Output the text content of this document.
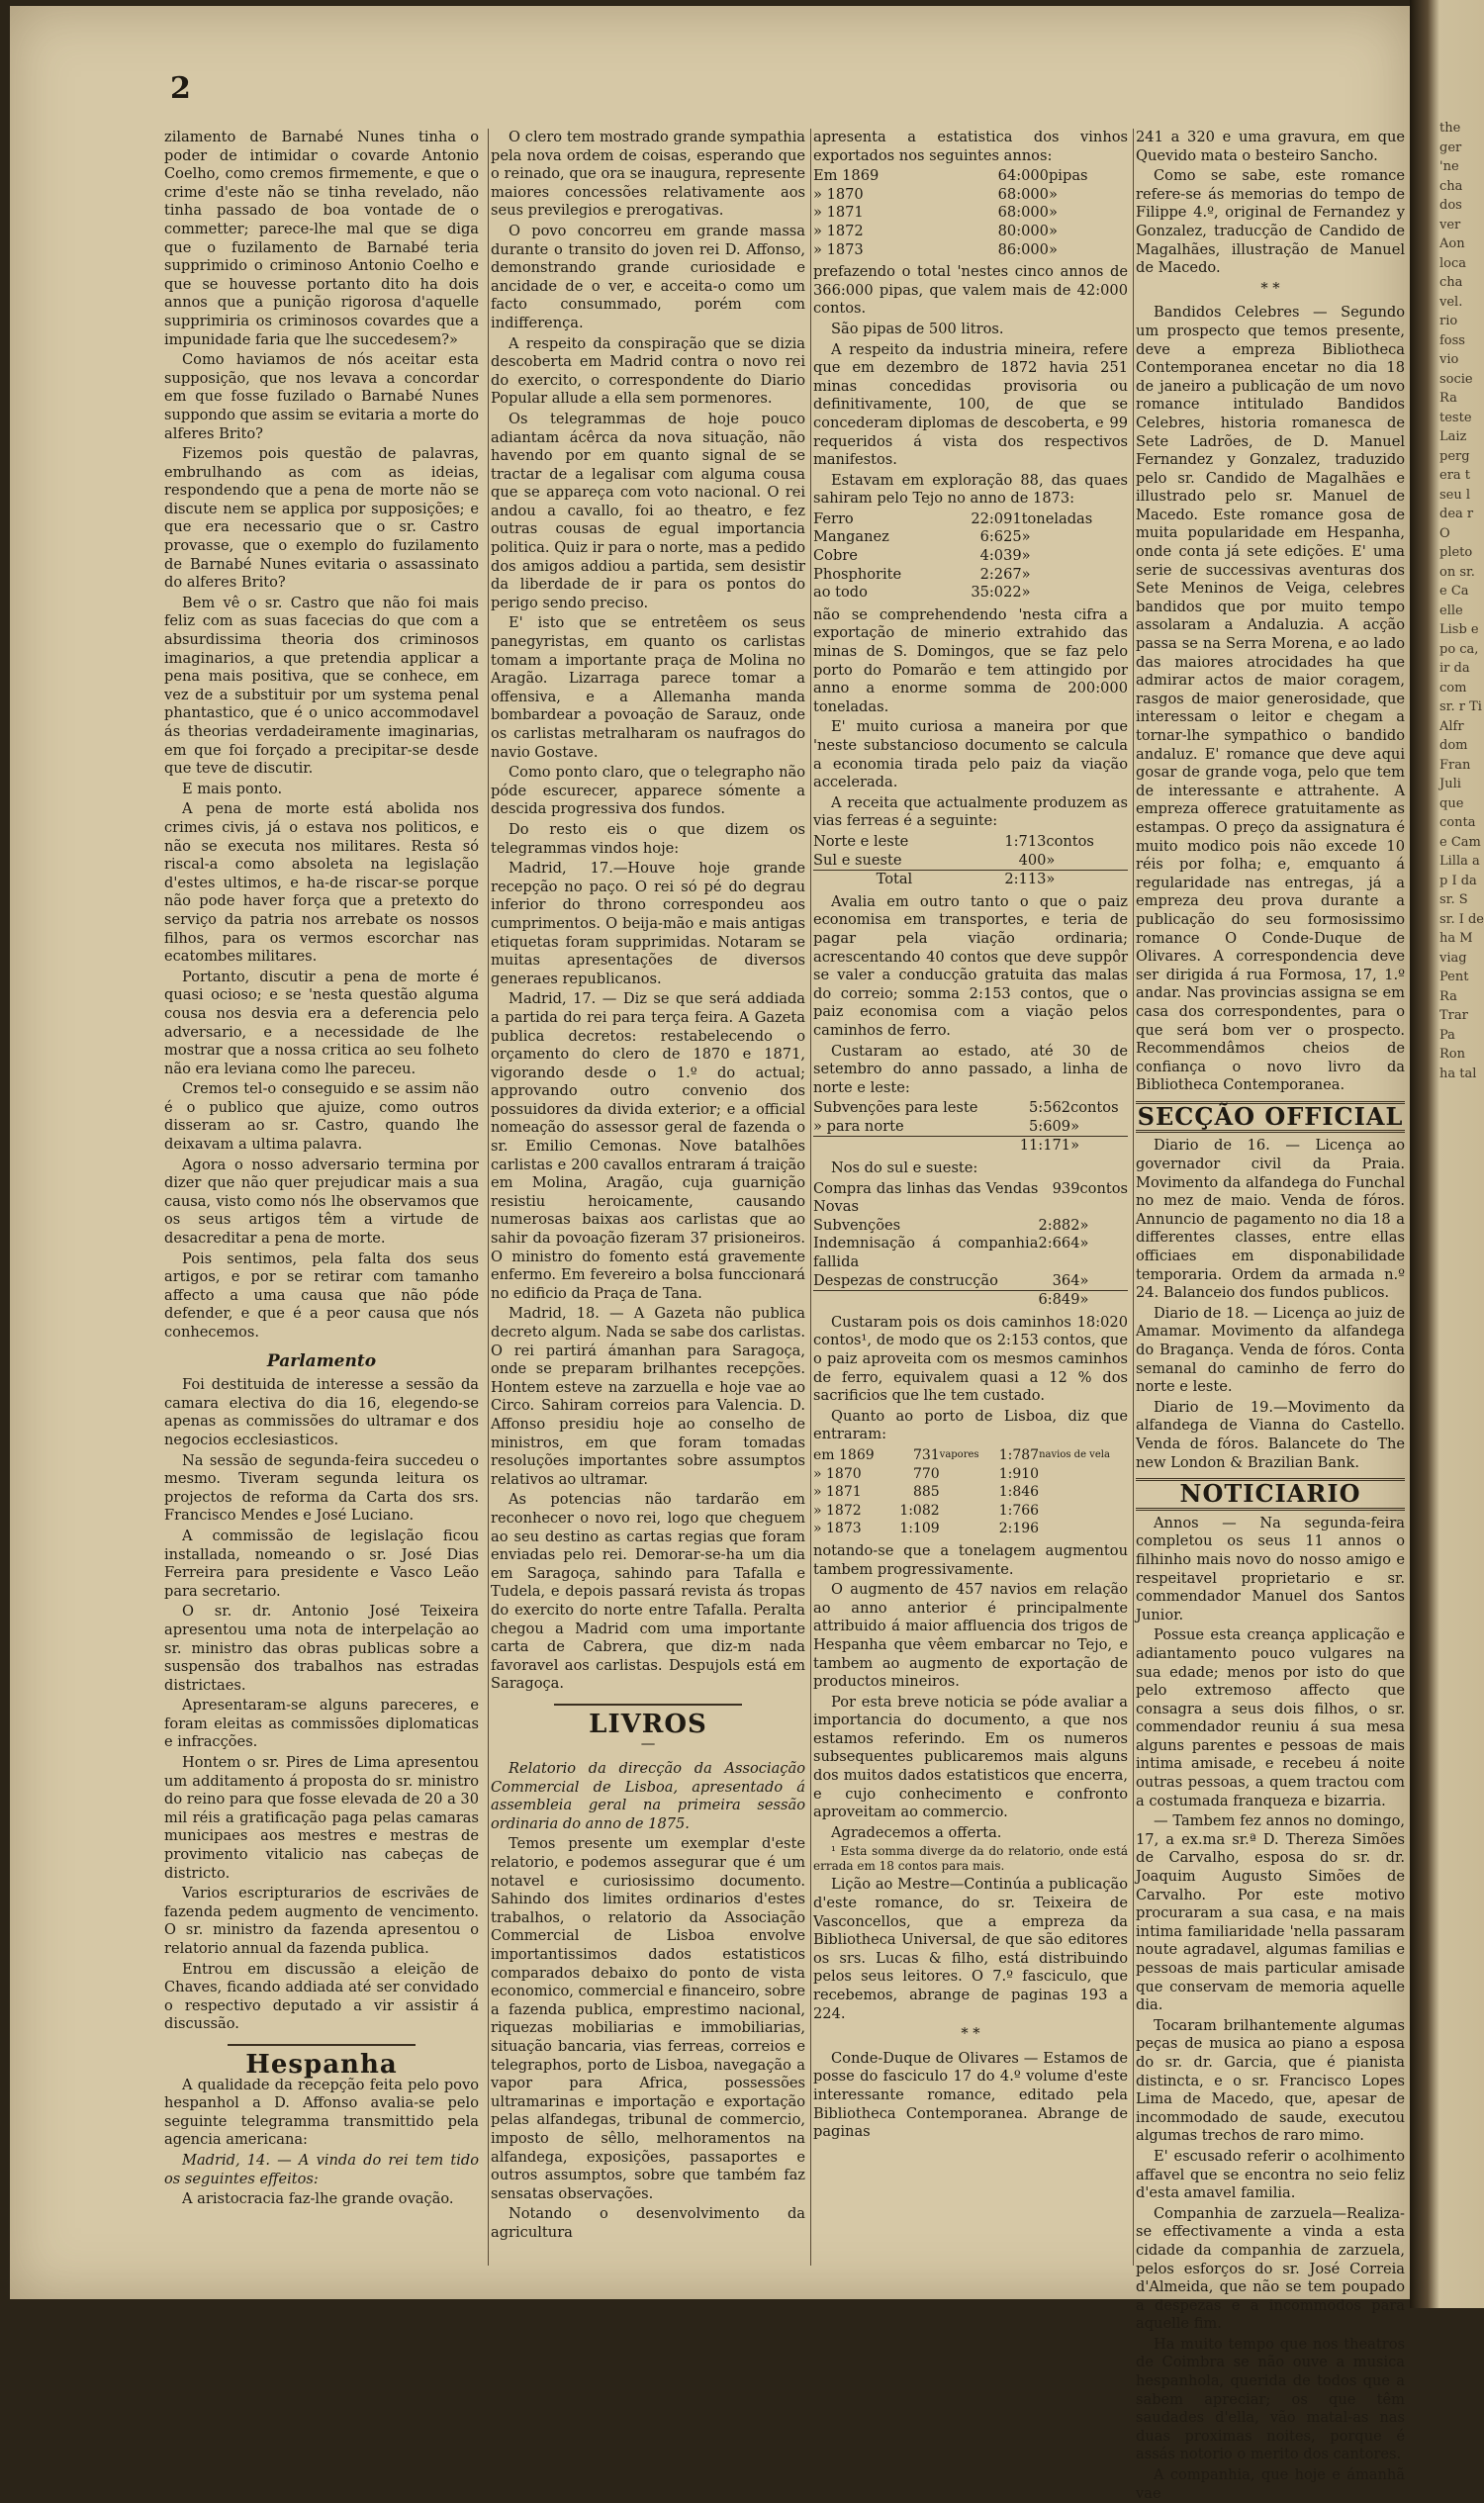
the ger 'ne cha dos ver Aon loca cha vel. rio foss vio socie Ra teste Laiz perg era t seu l dea r O pleto on sr. e Ca elle Lisb e po ca, ir da com sr. r Ti Alfr dom Fran Juli que conta e Cam Lilla a p I da sr. S sr. I de ha M viag Pent Ra Trar Pa Ron ha tal
2

zilamento de Barnabé Nunes tinha o poder de intimidar o covarde Antonio Coelho, como cremos firmemente, e que o crime d'este não se tinha revelado, não tinha passado de boa vontade de o commetter; parece-lhe mal que se diga que o fuzilamento de Barnabé teria supprimido o criminoso Antonio Coelho e que se houvesse portanto dito ha dois annos que a punição rigorosa d'aquelle supprimiria os criminosos covardes que a impunidade faria que lhe succedesem?»

Como haviamos de nós aceitar esta supposição, que nos levava a concordar em que fosse fuzilado o Barnabé Nunes suppondo que assim se evitaria a morte do alferes Brito?

Fizemos pois questão de palavras, embrulhando as com as ideias, respondendo que a pena de morte não se discute nem se applica por supposições; e que era necessario que o sr. Castro provasse, que o exemplo do fuzilamento de Barnabé Nunes evitaria o assassinato do alferes Brito?

Bem vê o sr. Castro que não foi mais feliz com as suas facecias do que com a absurdissima theoria dos criminosos imaginarios, a que pretendia applicar a pena mais positiva, que se conhece, em vez de a substituir por um systema penal phantastico, que é o unico accommodavel ás theorias verdadeiramente imaginarias, em que foi forçado a precipitar-se desde que teve de discutir.

E mais ponto.

A pena de morte está abolida nos crimes civis, já o estava nos politicos, e não se executa nos militares. Resta só riscal-a como absoleta na legislação d'estes ultimos, e ha-de riscar-se porque não pode haver força que a pretexto do serviço da patria nos arrebate os nossos filhos, para os vermos escorchar nas ecatombes militares.

Portanto, discutir a pena de morte é quasi ocioso; e se 'nesta questão alguma cousa nos desvia era a deferencia pelo adversario, e a necessidade de lhe mostrar que a nossa critica ao seu folheto não era leviana como lhe pareceu.

Cremos tel-o conseguido e se assim não é o publico que ajuize, como outros disseram ao sr. Castro, quando lhe deixavam a ultima palavra.

Agora o nosso adversario termina por dizer que não quer prejudicar mais a sua causa, visto como nós lhe observamos que os seus artigos têm a virtude de desacreditar a pena de morte.

Pois sentimos, pela falta dos seus artigos, e por se retirar com tamanho affecto a uma causa que não póde defender, e que é a peor causa que nós conhecemos.

Parlamento

Foi destituida de interesse a sessão da camara electiva do dia 16, elegendo-se apenas as commissões do ultramar e dos negocios ecclesiasticos.

Na sessão de segunda-feira succedeu o mesmo. Tiveram segunda leitura os projectos de reforma da Carta dos srs. Francisco Mendes e José Luciano.

A commissão de legislação ficou installada, nomeando o sr. José Dias Ferreira para presidente e Vasco Leão para secretario.

O sr. dr. Antonio José Teixeira apresentou uma nota de interpelação ao sr. ministro das obras publicas sobre a suspensão dos trabalhos nas estradas districtaes.

Apresentaram-se alguns pareceres, e foram eleitas as commissões diplomaticas e infracções.

Hontem o sr. Pires de Lima apresentou um additamento á proposta do sr. ministro do reino para que fosse elevada de 20 a 30 mil réis a gratificação paga pelas camaras municipaes aos mestres e mestras de provimento vitalicio nas cabeças de districto.

Varios escripturarios de escrivães de fazenda pedem augmento de vencimento. O sr. ministro da fazenda apresentou o relatorio annual da fazenda publica.

Entrou em discussão a eleição de Chaves, ficando addiada até ser convidado o respectivo deputado a vir assistir á discussão.

Hespanha

A qualidade da recepção feita pelo povo hespanhol a D. Affonso avalia-se pelo seguinte telegramma transmittido pela agencia americana:

Madrid, 14. — A vinda do rei tem tido os seguintes effeitos:

A aristocracia faz-lhe grande ovação.

O clero tem mostrado grande sympathia pela nova ordem de coisas, esperando que o reinado, que ora se inaugura, represente maiores concessões relativamente aos seus previlegios e prerogativas.

O povo concorreu em grande massa durante o transito do joven rei D. Affonso, demonstrando grande curiosidade e ancidade de o ver, e acceita-o como um facto consummado, porém com indifferença.

A respeito da conspiração que se dizia descoberta em Madrid contra o novo rei do exercito, o correspondente do Diario Popular allude a ella sem pormenores.

Os telegrammas de hoje pouco adiantam ácêrca da nova situação, não havendo por em quanto signal de se tractar de a legalisar com alguma cousa que se appareça com voto nacional. O rei andou a cavallo, foi ao theatro, e fez outras cousas de egual importancia politica. Quiz ir para o norte, mas a pedido dos amigos addiou a partida, sem desistir da liberdade de ir para os pontos do perigo sendo preciso.

E' isto que se entretêem os seus panegyristas, em quanto os carlistas tomam a importante praça de Molina no Aragão. Lizarraga parece tomar a offensiva, e a Allemanha manda bombardear a povoação de Sarauz, onde os carlistas metralharam os naufragos do navio Gostave.

Como ponto claro, que o telegrapho não póde escurecer, apparece sómente a descida progressiva dos fundos.

Do resto eis o que dizem os telegrammas vindos hoje:

Madrid, 17.—Houve hoje grande recepção no paço. O rei só pé do degrau inferior do throno correspondeu aos cumprimentos. O beija-mão e mais antigas etiquetas foram supprimidas. Notaram se muitas apresentações de diversos generaes republicanos.

Madrid, 17. — Diz se que será addiada a partida do rei para terça feira. A Gazeta publica decretos: restabelecendo o orçamento do clero de 1870 e 1871, vigorando desde o 1.º do actual; approvando outro convenio dos possuidores da divida exterior; e a official nomeação do assessor geral de fazenda o sr. Emilio Cemonas. Nove batalhões carlistas e 200 cavallos entraram á traição em Molina, Aragão, cuja guarnição resistiu heroicamente, causando numerosas baixas aos carlistas que ao sahir da povoação fizeram 37 prisioneiros. O ministro do fomento está gravemente enfermo. Em fevereiro a bolsa funccionará no edificio da Praça de Tana.

Madrid, 18. — A Gazeta não publica decreto algum. Nada se sabe dos carlistas. O rei partirá ámanhan para Saragoça, onde se preparam brilhantes recepções. Hontem esteve na zarzuella e hoje vae ao Circo. Sahiram correios para Valencia. D. Affonso presidiu hoje ao conselho de ministros, em que foram tomadas resoluções importantes sobre assumptos relativos ao ultramar.

As potencias não tardarão em reconhecer o novo rei, logo que cheguem ao seu destino as cartas regias que foram enviadas pelo rei. Demorar-se-ha um dia em Saragoça, sahindo para Tafalla e Tudela, e depois passará revista ás tropas do exercito do norte entre Tafalla. Peralta chegou a Madrid com uma importante carta de Cabrera, que diz-m nada favoravel aos carlistas. Despujols está em Saragoça.

LIVROS
—

Relatorio da direcção da Associação Commercial de Lisboa, apresentado á assembleia geral na primeira sessão ordinaria do anno de 1875.

Temos presente um exemplar d'este relatorio, e podemos assegurar que é um notavel e curiosissimo documento. Sahindo dos limites ordinarios d'estes trabalhos, o relatorio da Associação Commercial de Lisboa envolve importantissimos dados estatisticos comparados debaixo do ponto de vista economico, commercial e financeiro, sobre a fazenda publica, emprestimo nacional, riquezas mobiliarias e immobiliarias, situação bancaria, vias ferreas, correios e telegraphos, porto de Lisboa, navegação a vapor para Africa, possessões ultramarinas e importação e exportação pelas alfandegas, tribunal de commercio, imposto de sêllo, melhoramentos na alfandega, exposições, passaportes e outros assumptos, sobre que também faz sensatas observações.

Notando o desenvolvimento da agricultura

apresenta a estatistica dos vinhos exportados nos seguintes annos:

Em 1869	64:000	pipas
» 1870	68:000	»
» 1871	68:000	»
» 1872	80:000	»
» 1873	86:000	»

prefazendo o total 'nestes cinco annos de 366:000 pipas, que valem mais de 42:000 contos.

São pipas de 500 litros.

A respeito da industria mineira, refere que em dezembro de 1872 havia 251 minas concedidas provisoria ou definitivamente, 100, de que se concederam diplomas de descoberta, e 99 requeridos á vista dos respectivos manifestos.

Estavam em exploração 88, das quaes sahiram pelo Tejo no anno de 1873:

Ferro	22:091	toneladas
Manganez	6:625	»
Cobre	4:039	»
Phosphorite	2:267	»
ao todo	35:022	»

não se comprehendendo 'nesta cifra a exportação de minerio extrahido das minas de S. Domingos, que se faz pelo porto do Pomarão e tem attingido por anno a enorme somma de 200:000 toneladas.

E' muito curiosa a maneira por que 'neste substancioso documento se calcula a economia tirada pelo paiz da viação accelerada.

A receita que actualmente produzem as vias ferreas é a seguinte:

Norte e leste	1:713	contos
Sul e sueste	400	»
Total	2:113	»

Avalia em outro tanto o que o paiz economisa em transportes, e teria de pagar pela viação ordinaria; acrescentando 40 contos que deve suppôr se valer a conducção gratuita das malas do correio; somma 2:153 contos, que o paiz economisa com a viação pelos caminhos de ferro.

Custaram ao estado, até 30 de setembro do anno passado, a linha de norte e leste:

Subvenções para leste	5:562	contos
» para norte	5:609	»
	11:171	»

Nos do sul e sueste:

Compra das linhas das Vendas Novas	939	contos
Subvenções	2:882	»
Indemnisação á companhia fallida	2:664	»
Despezas de construcção	364	»
	6:849	»

Custaram pois os dois caminhos 18:020 contos¹, de modo que os 2:153 contos, que o paiz aproveita com os mesmos caminhos de ferro, equivalem quasi a 12 % dos sacrificios que lhe tem custado.

Quanto ao porto de Lisboa, diz que entraram:

em 1869	731	vapores	1:787	navios de vela
» 1870	770		1:910	
» 1871	885		1:846	
» 1872	1:082		1:766	
» 1873	1:109		2:196	

notando-se que a tonelagem augmentou tambem progressivamente.

O augmento de 457 navios em relação ao anno anterior é principalmente attribuido á maior affluencia dos trigos de Hespanha que vêem embarcar no Tejo, e tambem ao augmento de exportação de productos mineiros.

Por esta breve noticia se póde avaliar a importancia do documento, a que nos estamos referindo. Em os numeros subsequentes publicaremos mais alguns dos muitos dados estatisticos que encerra, e cujo conhecimento e confronto aproveitam ao commercio.

Agradecemos a offerta.

¹ Esta somma diverge da do relatorio, onde está errada em 18 contos para mais.

Lição ao Mestre—Continúa a publicação d'este romance, do sr. Teixeira de Vasconcellos, que a empreza da Bibliotheca Universal, de que são editores os srs. Lucas & filho, está distribuindo pelos seus leitores. O 7.º fasciculo, que recebemos, abrange de paginas 193 a 224.

* *

Conde-Duque de Olivares — Estamos de posse do fasciculo 17 do 4.º volume d'este interessante romance, editado pela Bibliotheca Contemporanea. Abrange de paginas

241 a 320 e uma gravura, em que Quevido mata o besteiro Sancho.

Como se sabe, este romance refere-se ás memorias do tempo de Filippe 4.º, original de Fernandez y Gonzalez, traducção de Candido de Magalhães, illustração de Manuel de Macedo.

* *

Bandidos Celebres — Segundo um prospecto que temos presente, deve a empreza Bibliotheca Contemporanea encetar no dia 18 de janeiro a publicação de um novo romance intitulado Bandidos Celebres, historia romanesca de Sete Ladrões, de D. Manuel Fernandez y Gonzalez, traduzido pelo sr. Candido de Magalhães e illustrado pelo sr. Manuel de Macedo. Este romance gosa de muita popularidade em Hespanha, onde conta já sete edições. E' uma serie de successivas aventuras dos Sete Meninos de Veiga, celebres bandidos que por muito tempo assolaram a Andaluzia. A acção passa se na Serra Morena, e ao lado das maiores atrocidades ha que admirar actos de maior coragem, rasgos de maior generosidade, que interessam o leitor e chegam a tornar-lhe sympathico o bandido andaluz. E' romance que deve aqui gosar de grande voga, pelo que tem de interessante e attrahente. A empreza offerece gratuitamente as estampas. O preço da assignatura é muito modico pois não excede 10 réis por folha; e, emquanto á regularidade nas entregas, já a empreza deu prova durante a publicação do seu formosissimo romance O Conde-Duque de Olivares. A correspondencia deve ser dirigida á rua Formosa, 17, 1.º andar. Nas provincias assigna se em casa dos correspondentes, para o que será bom ver o prospecto. Recommendâmos cheios de confiança o novo livro da Bibliotheca Contemporanea.

SECÇÃO OFFICIAL

Diario de 16. — Licença ao governador civil da Praia. Movimento da alfandega do Funchal no mez de maio. Venda de fóros. Annuncio de pagamento no dia 18 a differentes classes, entre ellas officiaes em disponabilidade temporaria. Ordem da armada n.º 24. Balanceio dos fundos publicos.

Diario de 18. — Licença ao juiz de Amamar. Movimento da alfandega do Bragança. Venda de fóros. Conta semanal do caminho de ferro do norte e leste.

Diario de 19.—Movimento da alfandega de Vianna do Castello. Venda de fóros. Balancete do The new London & Brazilian Bank.

NOTICIARIO

Annos — Na segunda-feira completou os seus 11 annos o filhinho mais novo do nosso amigo e respeitavel proprietario e sr. commendador Manuel dos Santos Junior.

Possue esta creança applicação e adiantamento pouco vulgares na sua edade; menos por isto do que pelo extremoso affecto que consagra a seus dois filhos, o sr. commendador reuniu á sua mesa alguns parentes e pessoas de mais intima amisade, e recebeu á noite outras pessoas, a quem tractou com a costumada franqueza e bizarria.

— Tambem fez annos no domingo, 17, a ex.ma sr.ª D. Thereza Simões de Carvalho, esposa do sr. dr. Joaquim Augusto Simões de Carvalho. Por este motivo procuraram a sua casa, e na mais intima familiaridade 'nella passaram noute agradavel, algumas familias e pessoas de mais particular amisade que conservam de memoria aquelle dia.

Tocaram brilhantemente algumas peças de musica ao piano a esposa do sr. dr. Garcia, que é pianista distincta, e o sr. Francisco Lopes Lima de Macedo, que, apesar de incommodado de saude, executou algumas trechos de raro mimo.

E' escusado referir o acolhimento affavel que se encontra no seio feliz d'esta amavel familia.

Companhia de zarzuela—Realiza-se effectivamente a vinda a esta cidade da companhia de zarzuela, pelos esforços do sr. José Correia d'Almeida, que não se tem poupado a despezas e a incommodos para aquelle fim.

Ha muito tempo que nos theatros de Coimbra se não ouve a musica hespanhola, querida de todos que a sabem apreciar; os que têm saudades d'ella, vão matal-as nas duas proximas noites, porque é assás notorio o merito dos cantores.

A companhia, que hoje e ámanhã vae
